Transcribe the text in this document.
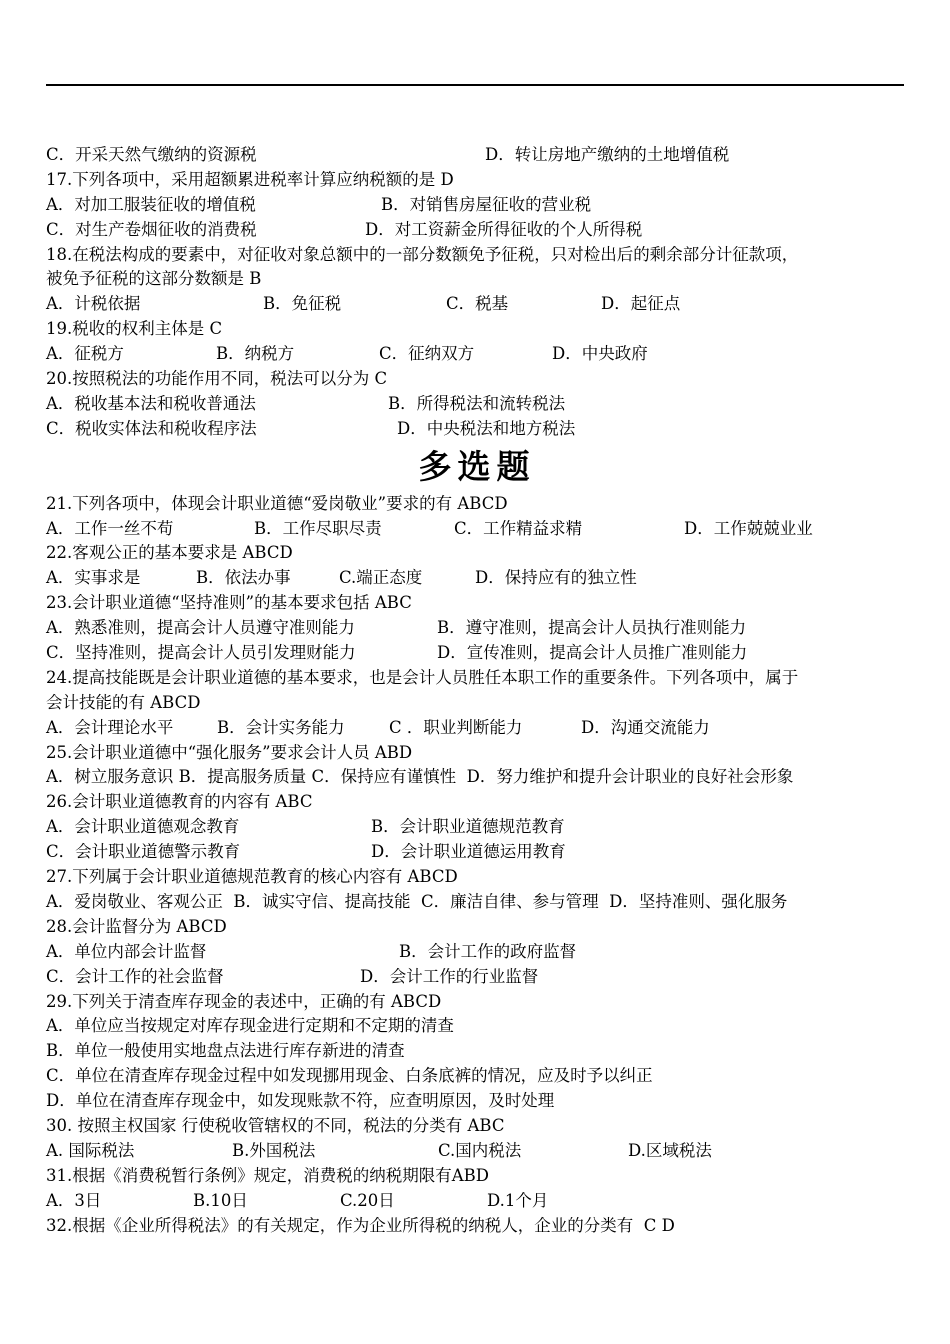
C．开采天然气缴纳的资源税	D．转让房地产缴纳的土地增值税
17.下列各项中，采用超额累进税率计算应纳税额的是 D
A．对加工服装征收的增值税	B．对销售房屋征收的营业税
C．对生产卷烟征收的消费税	D．对工资薪金所得征收的个人所得税
18.在税法构成的要素中，对征收对象总额中的一部分数额免予征税，只对检出后的剩余部分计征款项，
被免予征税的这部分数额是 B
A．计税依据	B．免征税	C．税基	D．起征点
19.税收的权利主体是 C
A．征税方	B．纳税方	C．征纳双方	D．中央政府
20.按照税法的功能作用不同，税法可以分为 C
A．税收基本法和税收普通法	B．所得税法和流转税法
C．税收实体法和税收程序法	D．中央税法和地方税法
多选题
21.下列各项中，体现会计职业道德“爱岗敬业”要求的有 ABCD
A．工作一丝不苟	B．工作尽职尽责	C．工作精益求精	D．工作兢兢业业
22.客观公正的基本要求是 ABCD
A．实事求是	B．依法办事	C.端正态度	D．保持应有的独立性
23.会计职业道德“坚持准则”的基本要求包括 ABC
A．熟悉准则，提高会计人员遵守准则能力	B．遵守准则，提高会计人员执行准则能力
C．坚持准则，提高会计人员引发理财能力	D．宣传准则，提高会计人员推广准则能力
24.提高技能既是会计职业道德的基本要求，也是会计人员胜任本职工作的重要条件。下列各项中，属于
会计技能的有 ABCD
A．会计理论水平	B．会计实务能力	C ．职业判断能力	D．沟通交流能力
25.会计职业道德中“强化服务”要求会计人员 ABD
A．树立服务意识 B．提高服务质量 C．保持应有谨慎性  D．努力维护和提升会计职业的良好社会形象
26.会计职业道德教育的内容有 ABC
A．会计职业道德观念教育	B．会计职业道德规范教育
C．会计职业道德警示教育	D．会计职业道德运用教育
27.下列属于会计职业道德规范教育的核心内容有 ABCD
A．爱岗敬业、客观公正  B．诚实守信、提高技能  C．廉洁自律、参与管理  D．坚持准则、强化服务
28.会计监督分为 ABCD
A．单位内部会计监督	B．会计工作的政府监督
C．会计工作的社会监督	D．会计工作的行业监督
29.下列关于清查库存现金的表述中，正确的有 ABCD
A．单位应当按规定对库存现金进行定期和不定期的清查
B．单位一般使用实地盘点法进行库存新进的清查
C．单位在清查库存现金过程中如发现挪用现金、白条底裤的情况，应及时予以纠正
D．单位在清查库存现金中，如发现账款不符，应查明原因，及时处理
30. 按照主权国家 行使税收管辖权的不同，税法的分类有 ABC
A. 国际税法	B.外国税法	C.国内税法	D.区域税法
31.根据《消费税暂行条例》规定，消费税的纳税期限有ABD
A．3日	B.10日	C.20日	D.1个月
32.根据《企业所得税法》的有关规定，作为企业所得税的纳税人，企业的分类有  C D
